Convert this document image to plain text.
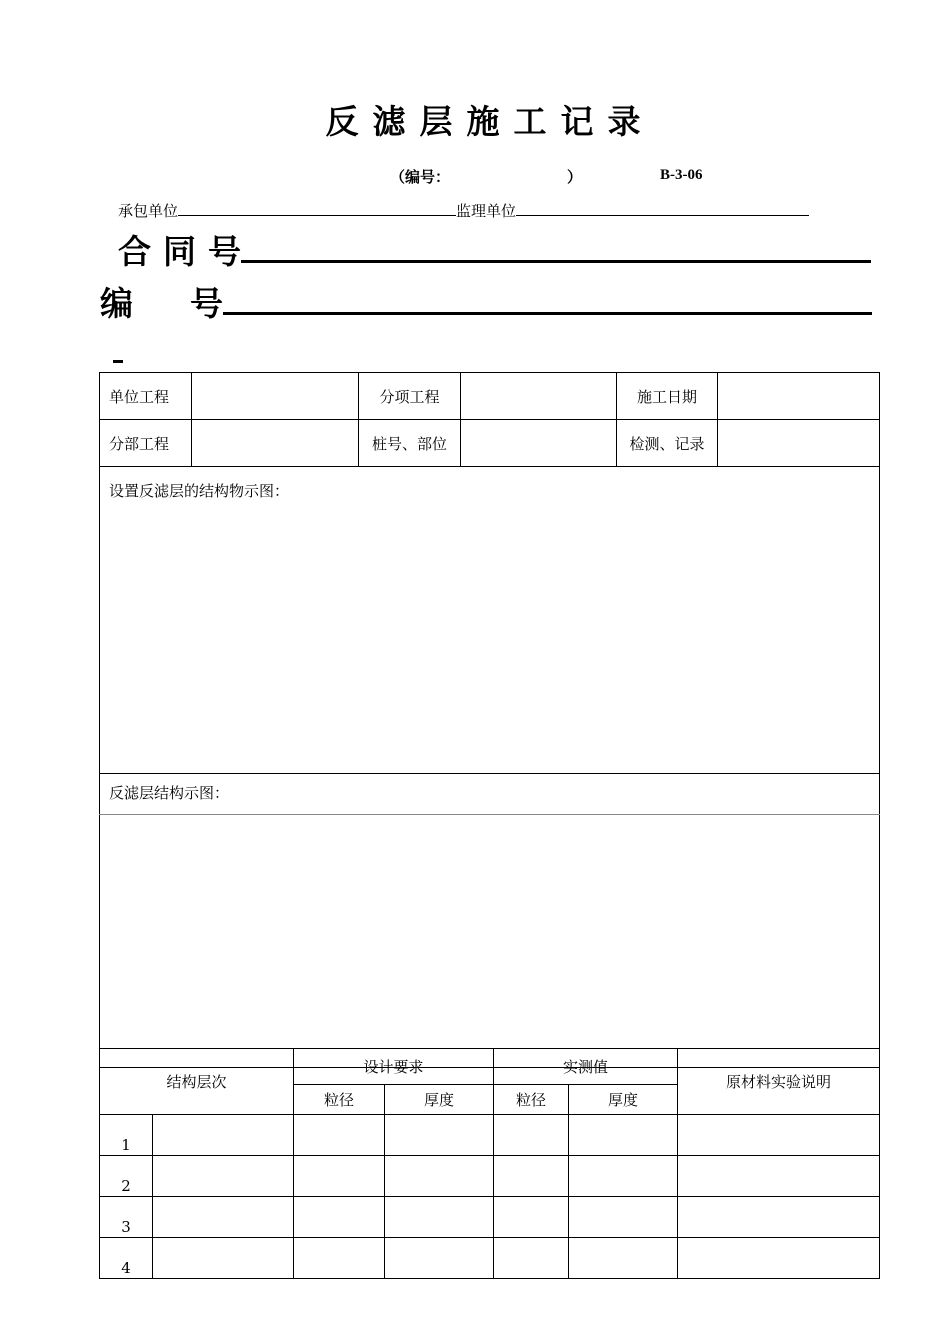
反滤层施工记录
（编号：	）	B-3-06
承包单位	监理单位
合同号
编 号
单位工程		分项工程		施工日期	
分部工程		桩号、部位		检测、记录	
设置反滤层的结构物示图：					
反滤层结构示图：					

结构层次		设计要求		实测值		原材料实验说明
		粒径	厚度	粒径	厚度	
1						
2						
3						
4						
